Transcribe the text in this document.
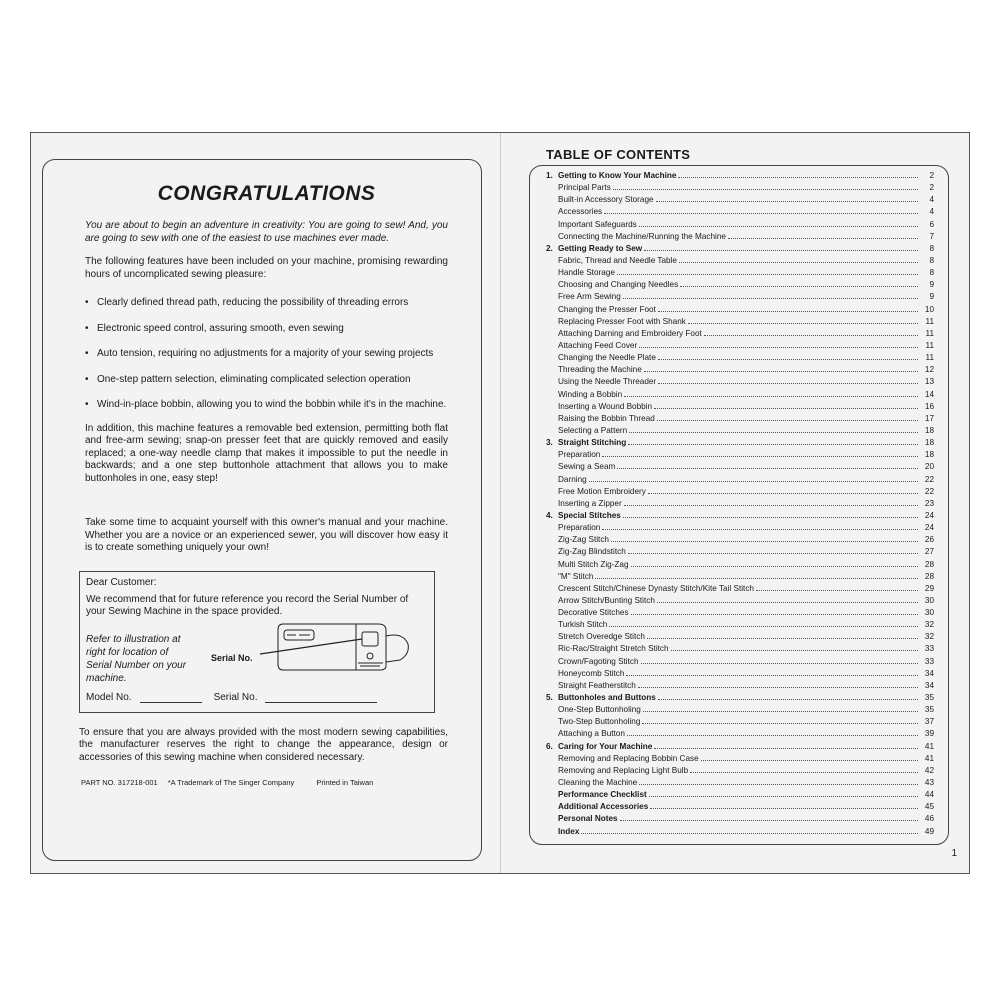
CONGRATULATIONS

You are about to begin an adventure in creativity: You are going to sew! And, you are going to sew with one of the easiest to use machines ever made.

The following features have been included on your machine, promising rewarding hours of uncomplicated sewing pleasure:

• Clearly defined thread path, reducing the possibility of threading errors
• Electronic speed control, assuring smooth, even sewing
• Auto tension, requiring no adjustments for a majority of your sewing projects
• One-step pattern selection, eliminating complicated selection operation
• Wind-in-place bobbin, allowing you to wind the bobbin while it's in the machine.

In addition, this machine features a removable bed extension, permitting both flat and free-arm sewing; snap-on presser feet that are quickly removed and easily replaced; a one-way needle clamp that makes it impossible to put the needle in backwards; and a one step buttonhole attachment that allows you to make buttonholes in one, easy step!

Take some time to acquaint yourself with this owner's manual and your machine. Whether you are a novice or an experienced sewer, you will discover how easy it is to create something uniquely your own!

Dear Customer:

We recommend that for future reference you record the Serial Number of your Sewing Machine in the space provided.

Refer to illustration at right for location of Serial Number on your machine.
Serial No.
Model No.	Serial No.

To ensure that you are always provided with the most modern sewing capabilities, the manufacturer reserves the right to change the appearance, design or accessories of this sewing machine when considered necessary.

PART NO. 317218-001 *A Trademark of The Singer Company	Printed in Taiwan
TABLE OF CONTENTS
1. Getting to Know Your Machine	2
Principal Parts	2
Built-in Accessory Storage	4
Accessories	4
Important Safeguards	6
Connecting the Machine/Running the Machine	7
2. Getting Ready to Sew	8
Fabric, Thread and Needle Table	8
Handle Storage	8
Choosing and Changing Needles	9
Free Arm Sewing	9
Changing the Presser Foot	10
Replacing Presser Foot with Shank	11
Attaching Darning and Embroidery Foot	11
Attaching Feed Cover	11
Changing the Needle Plate	11
Threading the Machine	12
Using the Needle Threader	13
Winding a Bobbin	14
Inserting a Wound Bobbin	16
Raising the Bobbin Thread	17
Selecting a Pattern	18
3. Straight Stitching	18
Preparation	18
Sewing a Seam	20
Darning	22
Free Motion Embroidery	22
Inserting a Zipper	23
4. Special Stitches	24
Preparation	24
Zig-Zag Stitch	26
Zig-Zag Blindstitch	27
Multi Stitch Zig-Zag	28
"M" Stitch	28
Crescent Stitch/Chinese Dynasty Stitch/Kite Tail Stitch	29
Arrow Stitch/Bunting Stitch	30
Decorative Stitches	30
Turkish Stitch	32
Stretch Overedge Stitch	32
Ric-Rac/Straight Stretch Stitch	33
Crown/Fagoting Stitch	33
Honeycomb Stitch	34
Straight Featherstitch	34
5. Buttonholes and Buttons	35
One-Step Buttonholing	35
Two-Step Buttonholing	37
Attaching a Button	39
6. Caring for Your Machine	41
Removing and Replacing Bobbin Case	41
Removing and Replacing Light Bulb	42
Cleaning the Machine	43
Performance Checklist	44
Additional Accessories	45
Personal Notes	46
Index	49
1
